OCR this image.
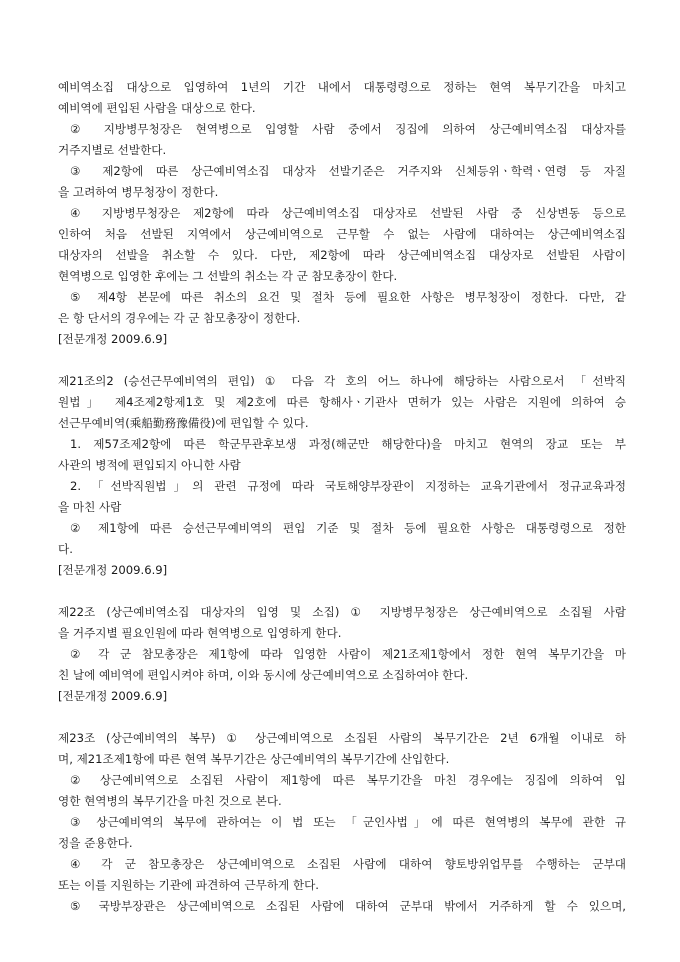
예비역소집 대상으로 입영하여 1년의 기간 내에서 대통령령으로 정하는 현역 복무기간을 마치고
예비역에 편입된 사람을 대상으로 한다.
② 지방병무청장은 현역병으로 입영할 사람 중에서 징집에 의하여 상근예비역소집 대상자를
거주지별로 선발한다.
③ 제2항에 따른 상근예비역소집 대상자 선발기준은 거주지와 신체등위ㆍ학력ㆍ연령 등 자질
을 고려하여 병무청장이 정한다.
④ 지방병무청장은 제2항에 따라 상근예비역소집 대상자로 선발된 사람 중 신상변동 등으로
인하여 처음 선발된 지역에서 상근예비역으로 근무할 수 없는 사람에 대하여는 상근예비역소집
대상자의 선발을 취소할 수 있다. 다만, 제2항에 따라 상근예비역소집 대상자로 선발된 사람이
현역병으로 입영한 후에는 그 선발의 취소는 각 군 참모총장이 한다.
⑤ 제4항 본문에 따른 취소의 요건 및 절차 등에 필요한 사항은 병무청장이 정한다. 다만, 같
은 항 단서의 경우에는 각 군 참모총장이 정한다.
[전문개정 2009.6.9]
제21조의2 (승선근무예비역의 편입) ① 다음 각 호의 어느 하나에 해당하는 사람으로서 「선박직
원법」 제4조제2항제1호 및 제2호에 따른 항해사ㆍ기관사 면허가 있는 사람은 지원에 의하여 승
선근무예비역(乘船勤務豫備役)에 편입할 수 있다.
1. 제57조제2항에 따른 학군무관후보생 과정(해군만 해당한다)을 마치고 현역의 장교 또는 부
사관의 병적에 편입되지 아니한 사람
2. 「선박직원법」의 관련 규정에 따라 국토해양부장관이 지정하는 교육기관에서 정규교육과정
을 마친 사람
② 제1항에 따른 승선근무예비역의 편입 기준 및 절차 등에 필요한 사항은 대통령령으로 정한
다.
[전문개정 2009.6.9]
제22조 (상근예비역소집 대상자의 입영 및 소집) ① 지방병무청장은 상근예비역으로 소집될 사람
을 거주지별 필요인원에 따라 현역병으로 입영하게 한다.
② 각 군 참모총장은 제1항에 따라 입영한 사람이 제21조제1항에서 정한 현역 복무기간을 마
친 날에 예비역에 편입시켜야 하며, 이와 동시에 상근예비역으로 소집하여야 한다.
[전문개정 2009.6.9]
제23조 (상근예비역의 복무) ① 상근예비역으로 소집된 사람의 복무기간은 2년 6개월 이내로 하
며, 제21조제1항에 따른 현역 복무기간은 상근예비역의 복무기간에 산입한다.
② 상근예비역으로 소집된 사람이 제1항에 따른 복무기간을 마친 경우에는 징집에 의하여 입
영한 현역병의 복무기간을 마친 것으로 본다.
③ 상근예비역의 복무에 관하여는 이 법 또는 「군인사법」에 따른 현역병의 복무에 관한 규
정을 준용한다.
④ 각 군 참모총장은 상근예비역으로 소집된 사람에 대하여 향토방위업무를 수행하는 군부대
또는 이를 지원하는 기관에 파견하여 근무하게 한다.
⑤ 국방부장관은 상근예비역으로 소집된 사람에 대하여 군부대 밖에서 거주하게 할 수 있으며,
